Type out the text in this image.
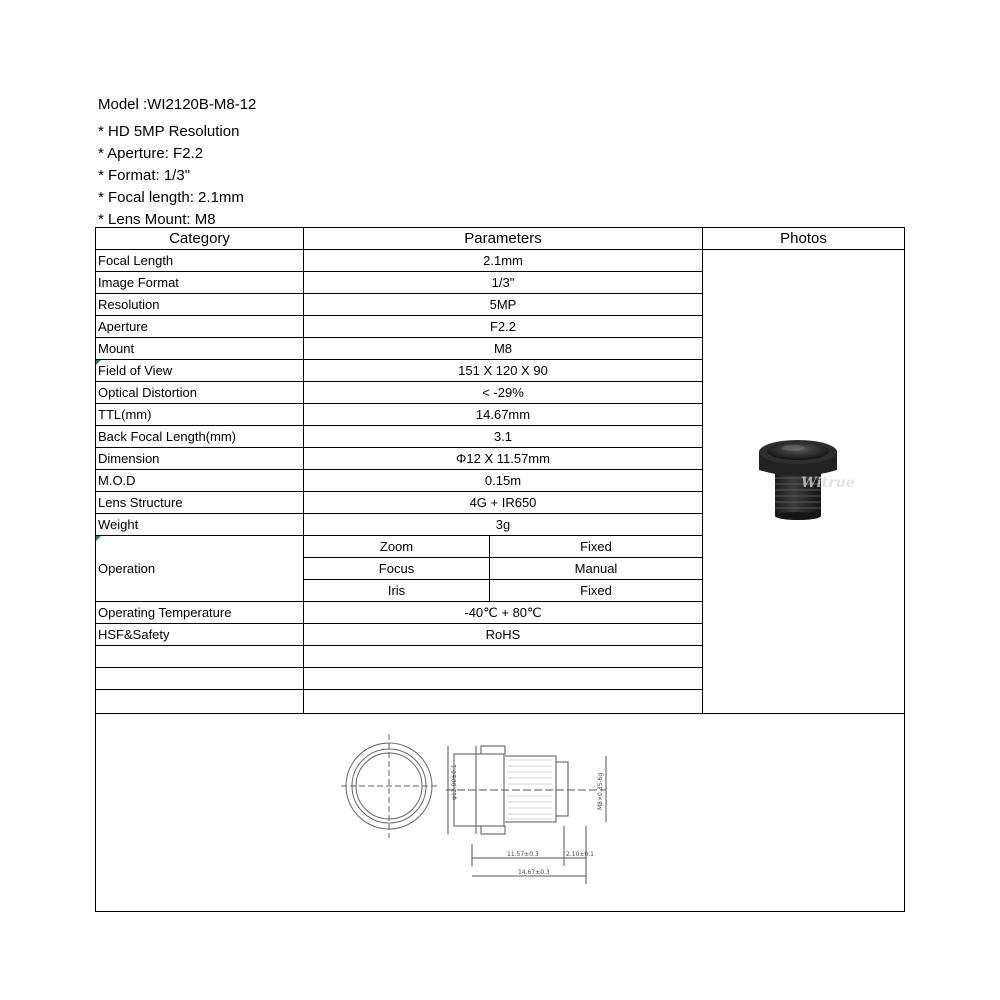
Model :WI2120B-M8-12
* HD 5MP Resolution
* Aperture: F2.2
* Format: 1/3"
* Focal length: 2.1mm
* Lens Mount: M8
Category	Parameters		Photos
Focal Length	2.1mm		Witrue

Image Format	1/3"		
Resolution	5MP		
Aperture	F2.2		
Mount	M8		
Field of View	151 X 120 X 90		
Optical Distortion	< -29%		
TTL(mm)	14.67mm		
Back Focal Length(mm)	3.1		
Dimension	Φ12 X 11.57mm		
M.O.D	0.15m		
Lens Structure	4G + IR650		
Weight	3g		
Operation	Zoom	Fixed	
	Focus	Manual	
	Iris	Fixed	
Operating Temperature	-40℃ + 80℃		
HSF&Safety	RoHS		

φ12.00±0.1 M8×0.35-6g
11.57±0.3 2.10±0.1
14.67±0.3			
